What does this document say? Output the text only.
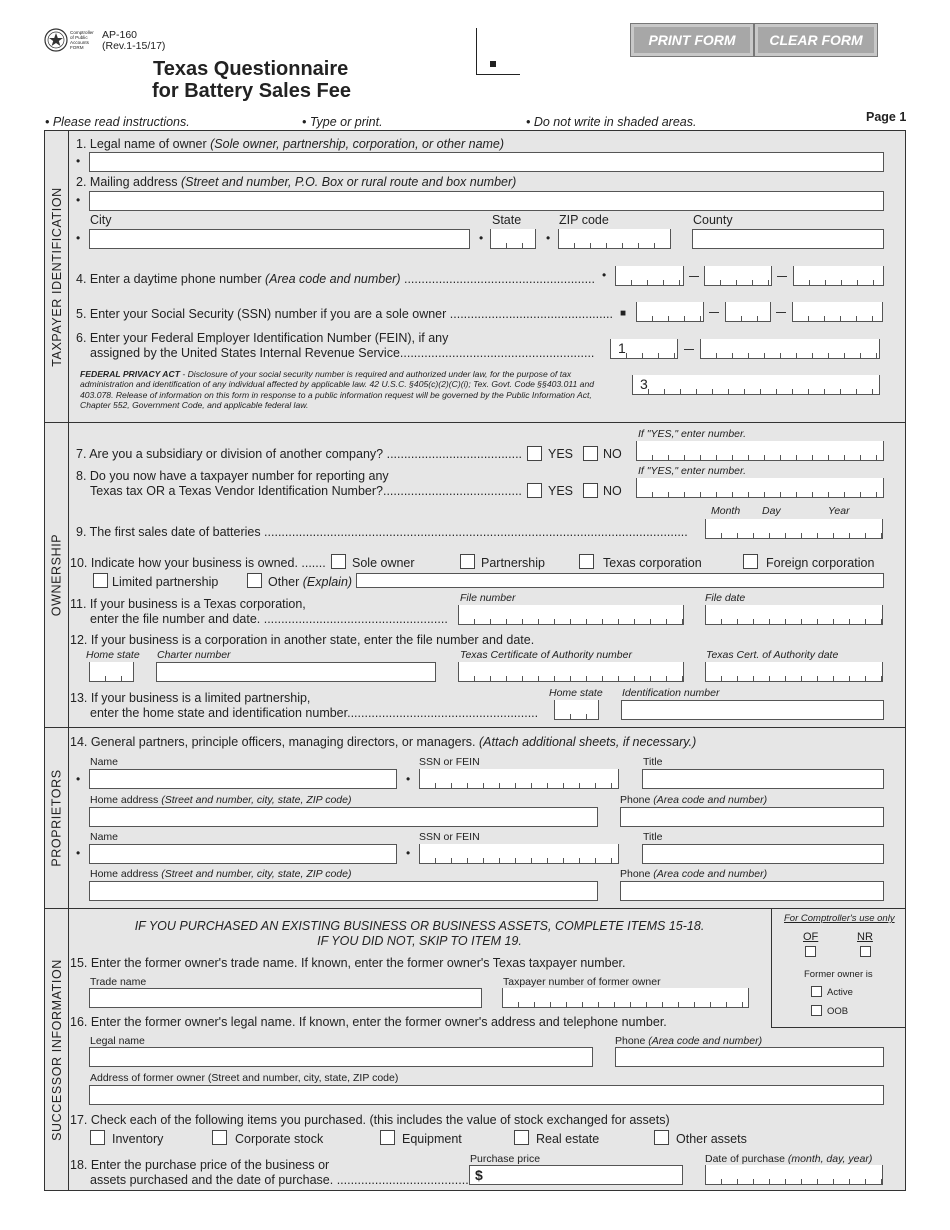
Comptroller of Public Accounts FORM
AP-160
(Rev.1-15/17)
Texas Questionnaire
for Battery Sales Fee
PRINT FORM	CLEAR FORM
• Please read instructions.	• Type or print.	• Do not write in shaded areas.	Page 1
TAXPAYER IDENTIFICATION
OWNERSHIP
PROPRIETORS
SUCCESSOR INFORMATION
1. Legal name of owner (Sole owner, partnership, corporation, or other name)
•
2. Mailing address (Street and number, P.O. Box or rural route and box number)
•
City	State	ZIP code	County
•	•	•
4. Enter a daytime phone number (Area code and number) ....................................................... •
5. Enter your Social Security (SSN) number if you are a sole owner ............................................... ■
6. Enter your Federal Employer Identification Number (FEIN), if any
assigned by the United States Internal Revenue Service........................................................ 1
FEDERAL PRIVACY ACT - Disclosure of your social security number is required and authorized under law, for the purpose of tax administration and identification of any individual affected by applicable law. 42 U.S.C. §405(c)(2)(C)(i); Tex. Govt. Code §§403.011 and 403.078. Release of information on this form in response to a public information request will be governed by the Public Information Act, Chapter 552, Government Code, and applicable federal law.
3
If "YES," enter number.
7. Are you a subsidiary or division of another company? ....................................... YES NO
If "YES," enter number.
8. Do you now have a taxpayer number for reporting any
Texas tax OR a Texas Vendor Identification Number?........................................ YES NO
Month Day	Year
9. The first sales date of batteries ..........................................................................................................................
10. Indicate how your business is owned. ....... Sole owner	Partnership	Texas corporation	Foreign corporation
Limited partnership	Other (Explain)
File number	File date
11. If your business is a Texas corporation,
enter the file number and date. .....................................................
12. If your business is a corporation in another state, enter the file number and date.
Home state Charter number	Texas Certificate of Authority number	Texas Cert. of Authority date
Home state Identification number
13. If your business is a limited partnership,
enter the home state and identification number.......................................................
14. General partners, principle officers, managing directors, or managers. (Attach additional sheets, if necessary.)
Name	SSN or FEIN	Title
•	•
Home address (Street and number, city, state, ZIP code)	Phone (Area code and number)
Name	SSN or FEIN	Title
•	•
Home address (Street and number, city, state, ZIP code)	Phone (Area code and number)
IF YOU PURCHASED AN EXISTING BUSINESS OR BUSINESS ASSETS, COMPLETE ITEMS 15-18.
IF YOU DID NOT, SKIP TO ITEM 19.
For Comptroller's use only
OF	NR
Former owner is
Active
OOB
15. Enter the former owner's trade name. If known, enter the former owner's Texas taxpayer number.
Trade name	Taxpayer number of former owner
16. Enter the former owner's legal name. If known, enter the former owner's address and telephone number.
Legal name	Phone (Area code and number)
Address of former owner (Street and number, city, state, ZIP code)
17. Check each of the following items you purchased. (this includes the value of stock exchanged for assets)
Inventory	Corporate stock	Equipment	Real estate	Other assets
Purchase price	Date of purchase (month, day, year)
18. Enter the purchase price of the business or
assets purchased and the date of purchase. ...................................... $
